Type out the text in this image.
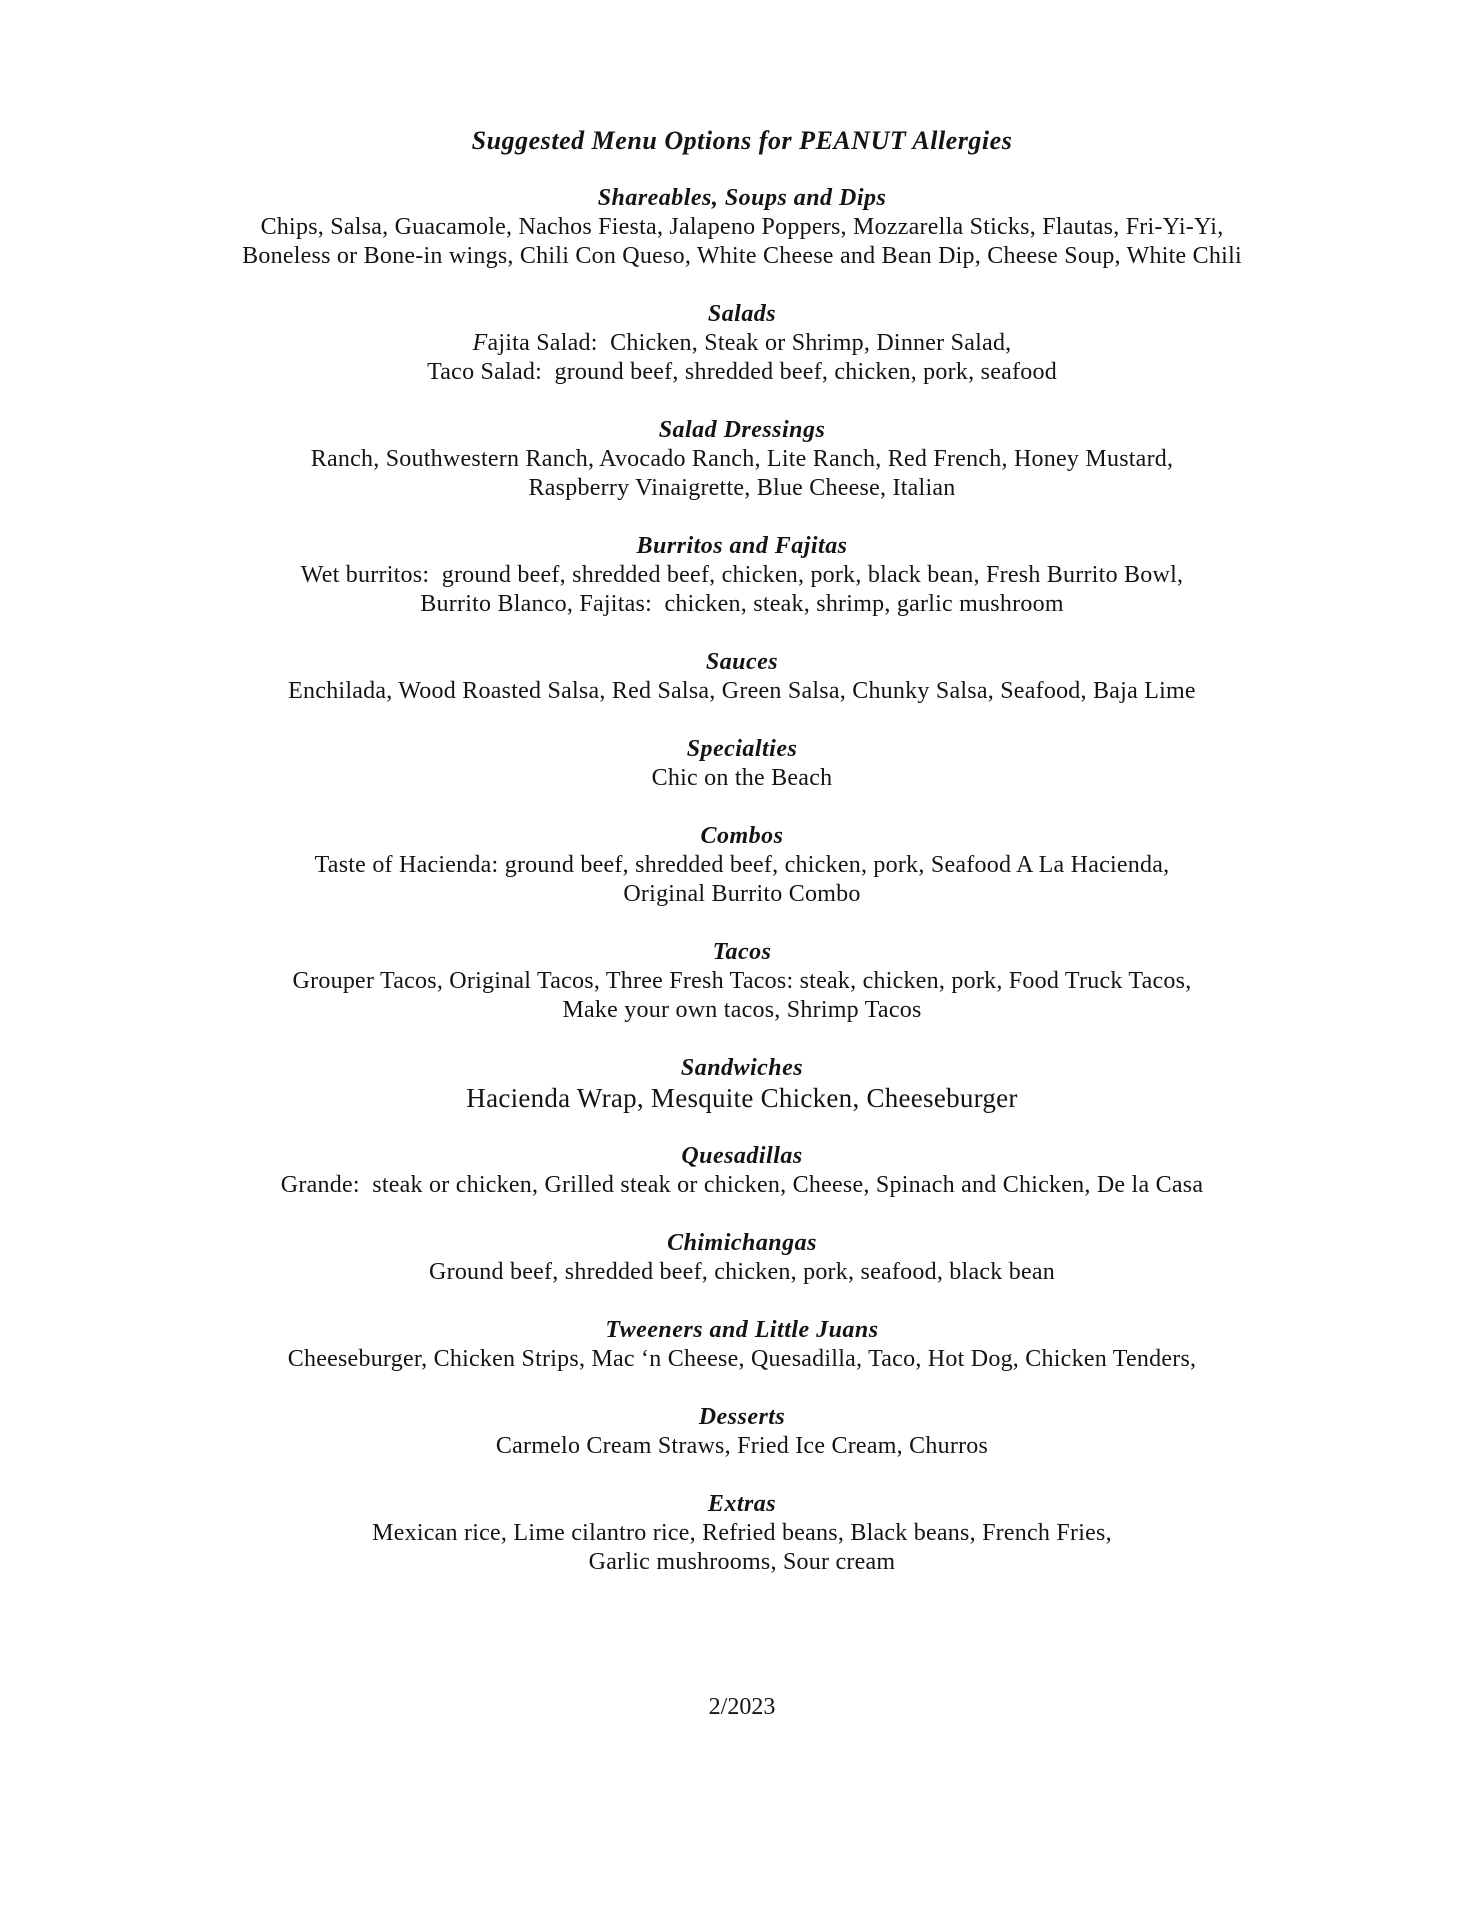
Suggested Menu Options for PEANUT Allergies
Shareables, Soups and Dips
Chips, Salsa, Guacamole, Nachos Fiesta, Jalapeno Poppers, Mozzarella Sticks, Flautas, Fri-Yi-Yi,
Boneless or Bone-in wings, Chili Con Queso, White Cheese and Bean Dip, Cheese Soup, White Chili
Salads
Fajita Salad:  Chicken, Steak or Shrimp, Dinner Salad,
Taco Salad:  ground beef, shredded beef, chicken, pork, seafood
Salad Dressings
Ranch, Southwestern Ranch, Avocado Ranch, Lite Ranch, Red French, Honey Mustard,
Raspberry Vinaigrette, Blue Cheese, Italian
Burritos and Fajitas
Wet burritos:  ground beef, shredded beef, chicken, pork, black bean, Fresh Burrito Bowl,
Burrito Blanco, Fajitas:  chicken, steak, shrimp, garlic mushroom
Sauces
Enchilada, Wood Roasted Salsa, Red Salsa, Green Salsa, Chunky Salsa, Seafood, Baja Lime
Specialties
Chic on the Beach
Combos
Taste of Hacienda: ground beef, shredded beef, chicken, pork, Seafood A La Hacienda,
Original Burrito Combo
Tacos
Grouper Tacos, Original Tacos, Three Fresh Tacos: steak, chicken, pork, Food Truck Tacos,
Make your own tacos, Shrimp Tacos
Sandwiches
Hacienda Wrap, Mesquite Chicken, Cheeseburger
Quesadillas
Grande:  steak or chicken, Grilled steak or chicken, Cheese, Spinach and Chicken, De la Casa
Chimichangas
Ground beef, shredded beef, chicken, pork, seafood, black bean
Tweeners and Little Juans
Cheeseburger, Chicken Strips, Mac ‘n Cheese, Quesadilla, Taco, Hot Dog, Chicken Tenders,
Desserts
Carmelo Cream Straws, Fried Ice Cream, Churros
Extras
Mexican rice, Lime cilantro rice, Refried beans, Black beans, French Fries,
Garlic mushrooms, Sour cream
2/2023
